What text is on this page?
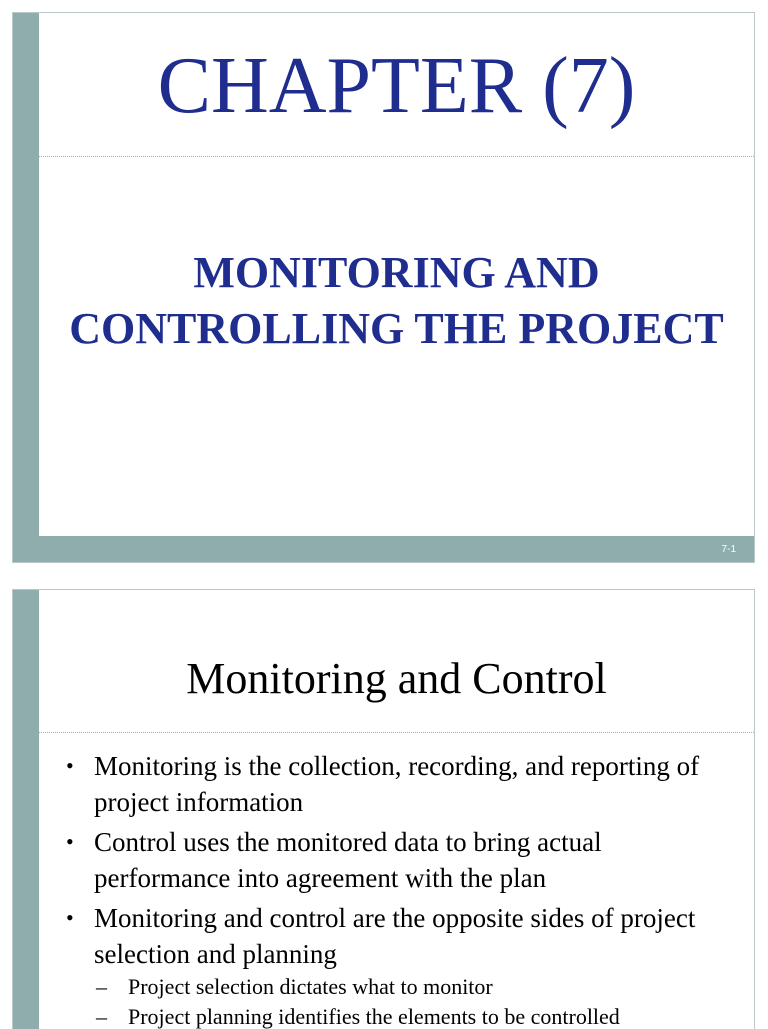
CHAPTER (7)
MONITORING AND
CONTROLLING THE PROJECT
7-1
Monitoring and Control
• Monitoring is the collection, recording, and reporting of project information
• Control uses the monitored data to bring actual performance into agreement with the plan
• Monitoring and control are the opposite sides of project selection and planning
– Project selection dictates what to monitor
– Project planning identifies the elements to be controlled
